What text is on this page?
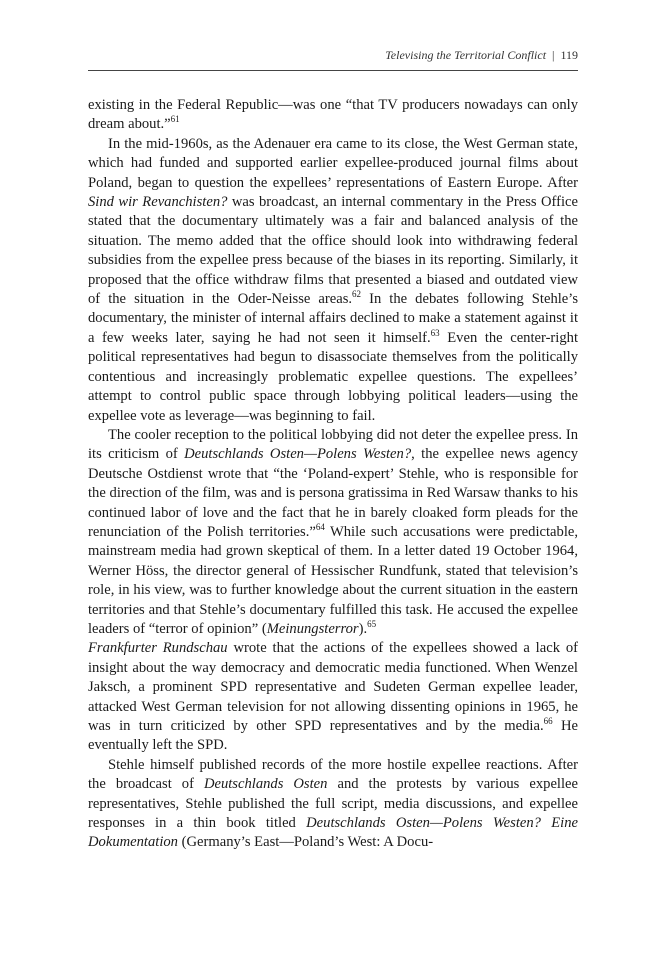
Televising the Territorial Conflict | 119

existing in the Federal Republic—was one “that TV producers nowadays can only dream about.”$^{61}$

In the mid-1960s, as the Adenauer era came to its close, the West German state, which had funded and supported earlier expellee-produced journal films about Poland, began to question the expellees’ representations of Eastern Europe. After Sind wir Revanchisten? was broadcast, an internal commentary in the Press Office stated that the documentary ultimately was a fair and balanced analysis of the situation. The memo added that the office should look into withdrawing federal subsidies from the expellee press because of the biases in its reporting. Similarly, it proposed that the office withdraw films that presented a biased and outdated view of the situation in the Oder-Neisse areas.$^{62}$ In the debates following Stehle’s documentary, the minister of internal affairs declined to make a statement against it a few weeks later, saying he had not seen it himself.$^{63}$ Even the center-right political representatives had begun to disassociate themselves from the politically contentious and increasingly problematic expellee questions. The expellees’ attempt to control public space through lobbying political leaders—using the expellee vote as leverage—was beginning to fail.

The cooler reception to the political lobbying did not deter the expellee press. In its criticism of Deutschlands Osten—Polens Westen?, the expellee news agency Deutsche Ostdienst wrote that “the ‘Poland-expert’ Stehle, who is responsible for the direction of the film, was and is persona gratissima in Red Warsaw thanks to his continued labor of love and the fact that he in barely cloaked form pleads for the renunciation of the Polish territories.”$^{64}$ While such accusations were predictable, mainstream media had grown skeptical of them. In a letter dated 19 October 1964, Werner Höss, the director general of Hessischer Rundfunk, stated that television’s role, in his view, was to further knowledge about the current situation in the eastern territories and that Stehle’s documentary fulfilled this task. He accused the expellee leaders of “terror of opinion” (Meinungsterror).$^{65}$
Frankfurter Rundschau wrote that the actions of the expellees showed a lack of insight about the way democracy and democratic media functioned. When Wenzel Jaksch, a prominent SPD representative and Sudeten German expellee leader, attacked West German television for not allowing dissenting opinions in 1965, he was in turn criticized by other SPD representatives and by the media.$^{66}$ He eventually left the SPD.

Stehle himself published records of the more hostile expellee reactions. After the broadcast of Deutschlands Osten and the protests by various expellee representatives, Stehle published the full script, media discussions, and expellee responses in a thin book titled Deutschlands Osten—Polens Westen? Eine Dokumentation (Germany’s East—Poland’s West: A Docu-
